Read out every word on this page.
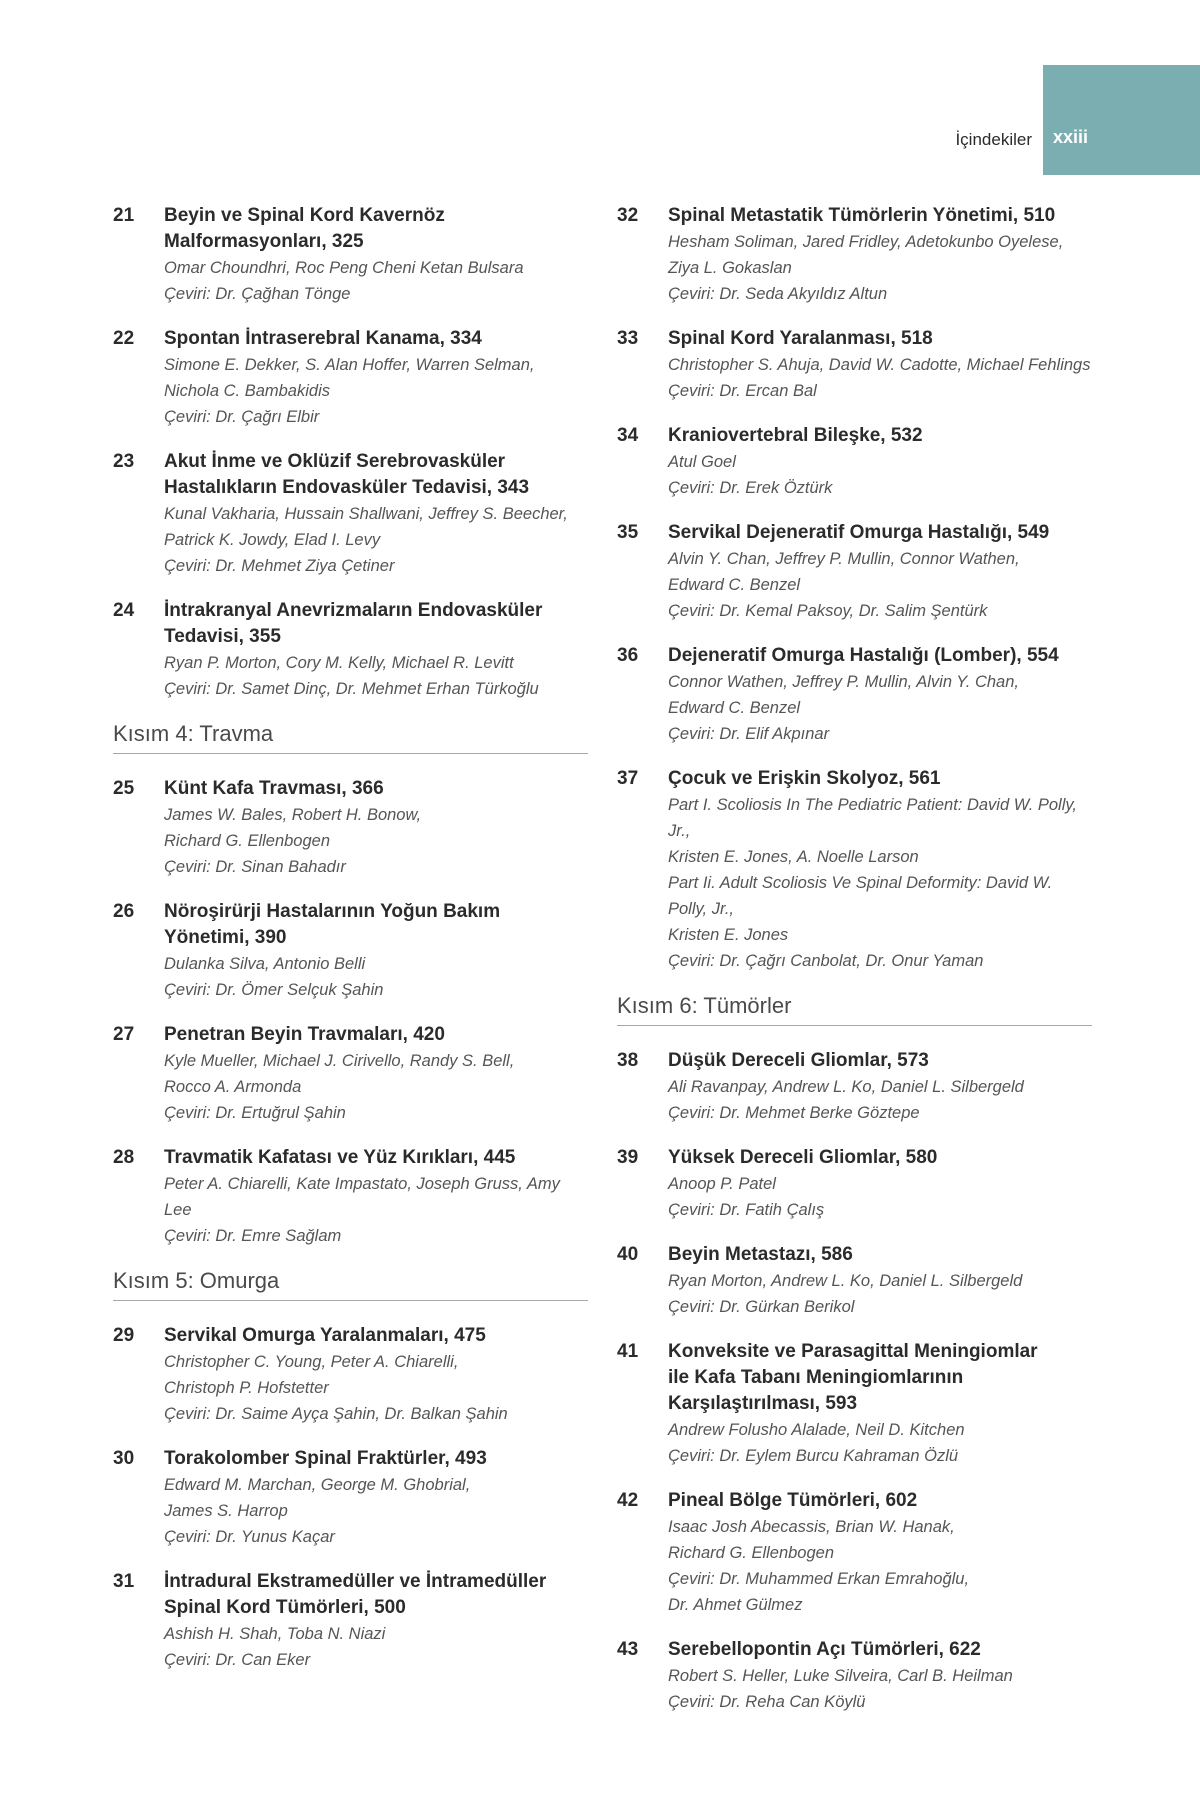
xxiii
İçindekiler
21 Beyin ve Spinal Kord Kavernöz
Malformasyonları, 325
Omar Choundhri, Roc Peng Cheni Ketan Bulsara
Çeviri: Dr. Çağhan Tönge
22 Spontan İntraserebral Kanama, 334
Simone E. Dekker, S. Alan Hoffer, Warren Selman,
Nichola C. Bambakidis
Çeviri: Dr. Çağrı Elbir
23 Akut İnme ve Oklüzif Serebrovasküler
Hastalıkların Endovasküler Tedavisi, 343
Kunal Vakharia, Hussain Shallwani, Jeffrey S. Beecher,
Patrick K. Jowdy, Elad I. Levy
Çeviri: Dr. Mehmet Ziya Çetiner
24 İntrakranyal Anevrizmaların Endovasküler
Tedavisi, 355
Ryan P. Morton, Cory M. Kelly, Michael R. Levitt
Çeviri: Dr. Samet Dinç, Dr. Mehmet Erhan Türkoğlu
Kısım 4: Travma
25 Künt Kafa Travması, 366
James W. Bales, Robert H. Bonow,
Richard G. Ellenbogen
Çeviri: Dr. Sinan Bahadır
26 Nöroşirürji Hastalarının Yoğun Bakım
Yönetimi, 390
Dulanka Silva, Antonio Belli
Çeviri: Dr. Ömer Selçuk Şahin
27 Penetran Beyin Travmaları, 420
Kyle Mueller, Michael J. Cirivello, Randy S. Bell,
Rocco A. Armonda
Çeviri: Dr. Ertuğrul Şahin
28 Travmatik Kafatası ve Yüz Kırıkları, 445
Peter A. Chiarelli, Kate Impastato, Joseph Gruss, Amy Lee
Çeviri: Dr. Emre Sağlam
Kısım 5: Omurga
29 Servikal Omurga Yaralanmaları, 475
Christopher C. Young, Peter A. Chiarelli,
Christoph P. Hofstetter
Çeviri: Dr. Saime Ayça Şahin, Dr. Balkan Şahin
30 Torakolomber Spinal Fraktürler, 493
Edward M. Marchan, George M. Ghobrial,
James S. Harrop
Çeviri: Dr. Yunus Kaçar
31 İntradural Ekstramedüller ve İntramedüller
Spinal Kord Tümörleri, 500
Ashish H. Shah, Toba N. Niazi
Çeviri: Dr. Can Eker
32 Spinal Metastatik Tümörlerin Yönetimi, 510
Hesham Soliman, Jared Fridley, Adetokunbo Oyelese,
Ziya L. Gokaslan
Çeviri: Dr. Seda Akyıldız Altun
33 Spinal Kord Yaralanması, 518
Christopher S. Ahuja, David W. Cadotte, Michael Fehlings
Çeviri: Dr. Ercan Bal
34 Kraniovertebral Bileşke, 532
Atul Goel
Çeviri: Dr. Erek Öztürk
35 Servikal Dejeneratif Omurga Hastalığı, 549
Alvin Y. Chan, Jeffrey P. Mullin, Connor Wathen,
Edward C. Benzel
Çeviri: Dr. Kemal Paksoy, Dr. Salim Şentürk
36 Dejeneratif Omurga Hastalığı (Lomber), 554
Connor Wathen, Jeffrey P. Mullin, Alvin Y. Chan,
Edward C. Benzel
Çeviri: Dr. Elif Akpınar
37 Çocuk ve Erişkin Skolyoz, 561
Part I. Scoliosis In The Pediatric Patient: David W. Polly, Jr.,
Kristen E. Jones, A. Noelle Larson
Part Ii. Adult Scoliosis Ve Spinal Deformity: David W. Polly, Jr.,
Kristen E. Jones
Çeviri: Dr. Çağrı Canbolat, Dr. Onur Yaman
Kısım 6: Tümörler
38 Düşük Dereceli Gliomlar, 573
Ali Ravanpay, Andrew L. Ko, Daniel L. Silbergeld
Çeviri: Dr. Mehmet Berke Göztepe
39 Yüksek Dereceli Gliomlar, 580
Anoop P. Patel
Çeviri: Dr. Fatih Çalış
40 Beyin Metastazı, 586
Ryan Morton, Andrew L. Ko, Daniel L. Silbergeld
Çeviri: Dr. Gürkan Berikol
41 Konveksite ve Parasagittal Meningiomlar
ile Kafa Tabanı Meningiomlarının
Karşılaştırılması, 593
Andrew Folusho Alalade, Neil D. Kitchen
Çeviri: Dr. Eylem Burcu Kahraman Özlü
42 Pineal Bölge Tümörleri, 602
Isaac Josh Abecassis, Brian W. Hanak,
Richard G. Ellenbogen
Çeviri: Dr. Muhammed Erkan Emrahoğlu,
Dr. Ahmet Gülmez
43 Serebellopontin Açı Tümörleri, 622
Robert S. Heller, Luke Silveira, Carl B. Heilman
Çeviri: Dr. Reha Can Köylü
